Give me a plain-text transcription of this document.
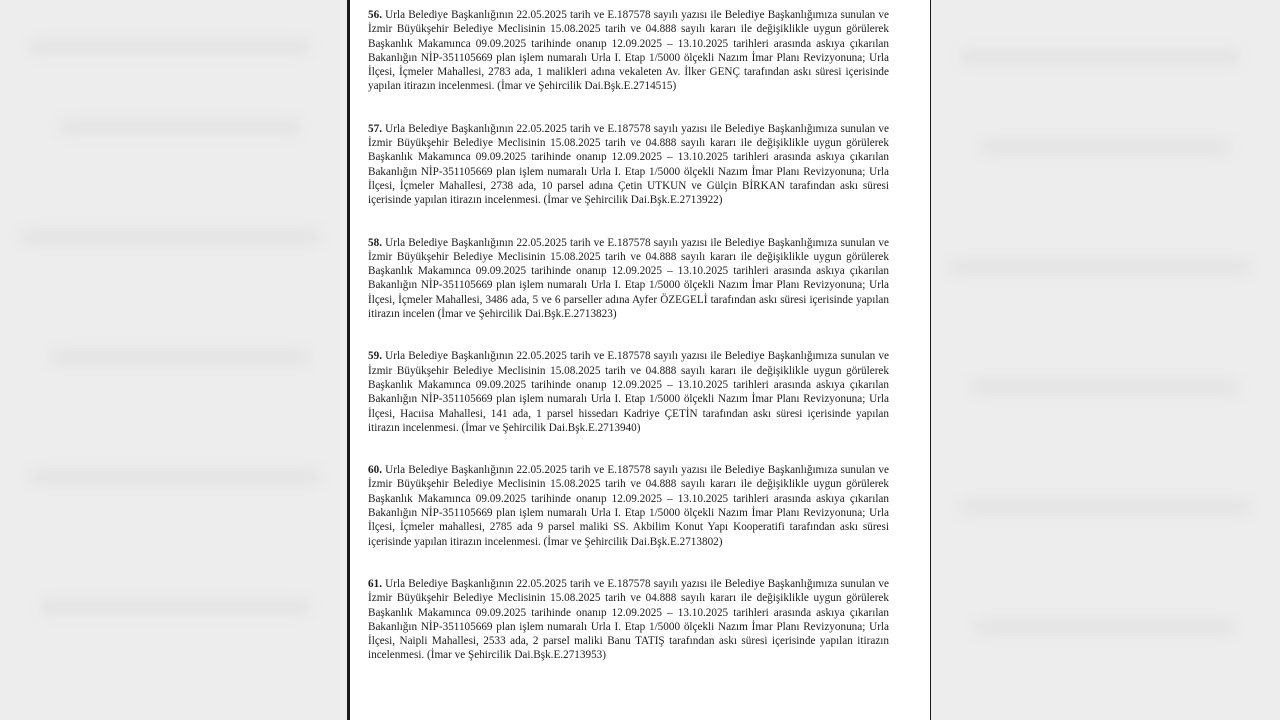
56. Urla Belediye Başkanlığının 22.05.2025 tarih ve E.187578 sayılı yazısı ile Belediye Başkanlığımıza sunulan ve İzmir Büyükşehir Belediye Meclisinin 15.08.2025 tarih ve 04.888 sayılı kararı ile değişiklikle uygun görülerek Başkanlık Makamınca 09.09.2025 tarihinde onanıp 12.09.2025 – 13.10.2025 tarihleri arasında askıya çıkarılan Bakanlığın NİP-351105669 plan işlem numaralı Urla I. Etap 1/5000 ölçekli Nazım İmar Planı Revizyonuna; Urla İlçesi, İçmeler Mahallesi, 2783 ada, 1 malikleri adına vekaleten Av. İlker GENÇ tarafından askı süresi içerisinde yapılan itirazın incelenmesi. (İmar ve Şehircilik Dai.Bşk.E.2714515)

57. Urla Belediye Başkanlığının 22.05.2025 tarih ve E.187578 sayılı yazısı ile Belediye Başkanlığımıza sunulan ve İzmir Büyükşehir Belediye Meclisinin 15.08.2025 tarih ve 04.888 sayılı kararı ile değişiklikle uygun görülerek Başkanlık Makamınca 09.09.2025 tarihinde onanıp 12.09.2025 – 13.10.2025 tarihleri arasında askıya çıkarılan Bakanlığın NİP-351105669 plan işlem numaralı Urla I. Etap 1/5000 ölçekli Nazım İmar Planı Revizyonuna; Urla İlçesi, İçmeler Mahallesi, 2738 ada, 10 parsel adına Çetin UTKUN ve Gülçin BİRKAN tarafından askı süresi içerisinde yapılan itirazın incelenmesi. (İmar ve Şehircilik Dai.Bşk.E.2713922)

58. Urla Belediye Başkanlığının 22.05.2025 tarih ve E.187578 sayılı yazısı ile Belediye Başkanlığımıza sunulan ve İzmir Büyükşehir Belediye Meclisinin 15.08.2025 tarih ve 04.888 sayılı kararı ile değişiklikle uygun görülerek Başkanlık Makamınca 09.09.2025 tarihinde onanıp 12.09.2025 – 13.10.2025 tarihleri arasında askıya çıkarılan Bakanlığın NİP-351105669 plan işlem numaralı Urla I. Etap 1/5000 ölçekli Nazım İmar Planı Revizyonuna; Urla İlçesi, İçmeler Mahallesi, 3486 ada, 5 ve 6 parseller adına Ayfer ÖZEGELİ tarafından askı süresi içerisinde yapılan itirazın incelen (İmar ve Şehircilik Dai.Bşk.E.2713823)

59. Urla Belediye Başkanlığının 22.05.2025 tarih ve E.187578 sayılı yazısı ile Belediye Başkanlığımıza sunulan ve İzmir Büyükşehir Belediye Meclisinin 15.08.2025 tarih ve 04.888 sayılı kararı ile değişiklikle uygun görülerek Başkanlık Makamınca 09.09.2025 tarihinde onanıp 12.09.2025 – 13.10.2025 tarihleri arasında askıya çıkarılan Bakanlığın NİP-351105669 plan işlem numaralı Urla I. Etap 1/5000 ölçekli Nazım İmar Planı Revizyonuna; Urla İlçesi, Hacıisa Mahallesi, 141 ada, 1 parsel hissedarı Kadriye ÇETİN tarafından askı süresi içerisinde yapılan itirazın incelenmesi. (İmar ve Şehircilik Dai.Bşk.E.2713940)

60. Urla Belediye Başkanlığının 22.05.2025 tarih ve E.187578 sayılı yazısı ile Belediye Başkanlığımıza sunulan ve İzmir Büyükşehir Belediye Meclisinin 15.08.2025 tarih ve 04.888 sayılı kararı ile değişiklikle uygun görülerek Başkanlık Makamınca 09.09.2025 tarihinde onanıp 12.09.2025 – 13.10.2025 tarihleri arasında askıya çıkarılan Bakanlığın NİP-351105669 plan işlem numaralı Urla I. Etap 1/5000 ölçekli Nazım İmar Planı Revizyonuna; Urla İlçesi, İçmeler mahallesi, 2785 ada 9 parsel maliki SS. Akbilim Konut Yapı Kooperatifi tarafından askı süresi içerisinde yapılan itirazın incelenmesi. (İmar ve Şehircilik Dai.Bşk.E.2713802)

61. Urla Belediye Başkanlığının 22.05.2025 tarih ve E.187578 sayılı yazısı ile Belediye Başkanlığımıza sunulan ve İzmir Büyükşehir Belediye Meclisinin 15.08.2025 tarih ve 04.888 sayılı kararı ile değişiklikle uygun görülerek Başkanlık Makamınca 09.09.2025 tarihinde onanıp 12.09.2025 – 13.10.2025 tarihleri arasında askıya çıkarılan Bakanlığın NİP-351105669 plan işlem numaralı Urla I. Etap 1/5000 ölçekli Nazım İmar Planı Revizyonuna; Urla İlçesi, Naipli Mahallesi, 2533 ada, 2 parsel maliki Banu TATIŞ tarafından askı süresi içerisinde yapılan itirazın incelenmesi. (İmar ve Şehircilik Dai.Bşk.E.2713953)
